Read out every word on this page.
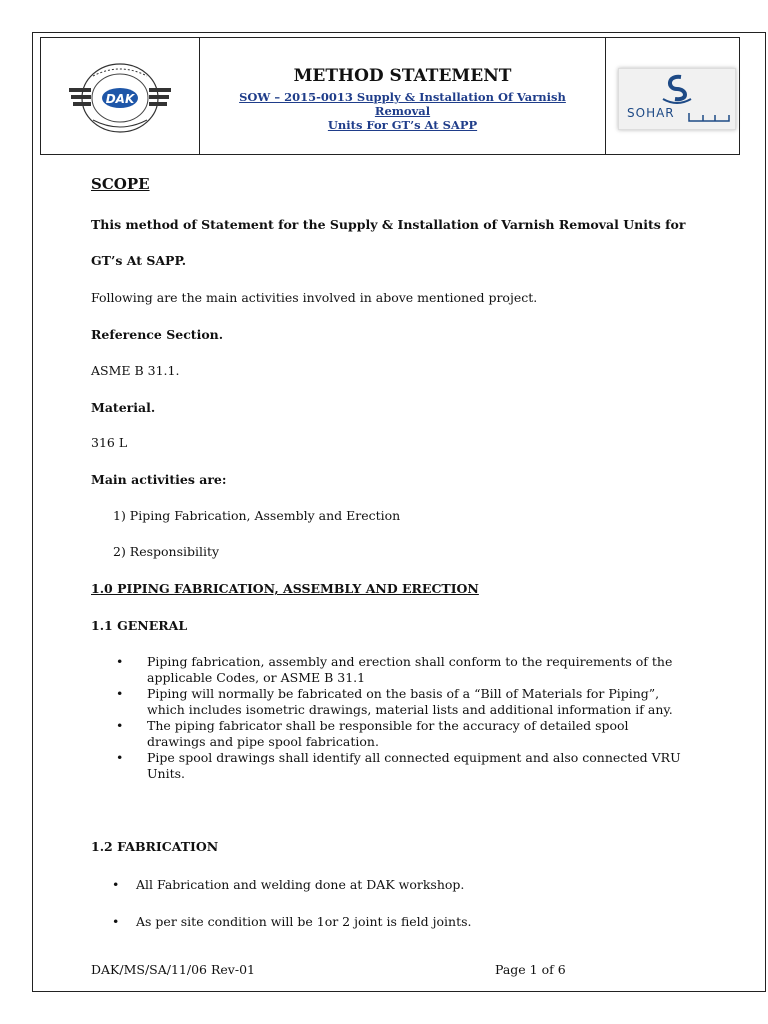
DAK
METHOD STATEMENT
SOW – 2015-0013 Supply & Installation Of Varnish Removal
Units For GT’s At SAPP
SOHAR

SCOPE

This method of Statement for the Supply & Installation of Varnish Removal Units for

GT’s At SAPP.

Following are the main activities involved in above mentioned project.

Reference Section.

ASME B 31.1.

Material.

316 L

Main activities are:

1) Piping Fabrication, Assembly and Erection

2) Responsibility

1.0 PIPING FABRICATION, ASSEMBLY AND ERECTION

1.1 GENERAL

• Piping fabrication, assembly and erection shall conform to the requirements of the applicable Codes, or ASME B 31.1
• Piping will normally be fabricated on the basis of a “Bill of Materials for Piping”, which includes isometric drawings, material lists and additional information if any.
• The piping fabricator shall be responsible for the accuracy of detailed spool drawings and pipe spool fabrication.
• Pipe spool drawings shall identify all connected equipment and also connected VRU Units.

1.2 FABRICATION

• All Fabrication and welding done at DAK workshop.
• As per site condition will be 1or 2 joint is field joints.

DAK/MS/SA/11/06 Rev-01	Page 1 of 6
